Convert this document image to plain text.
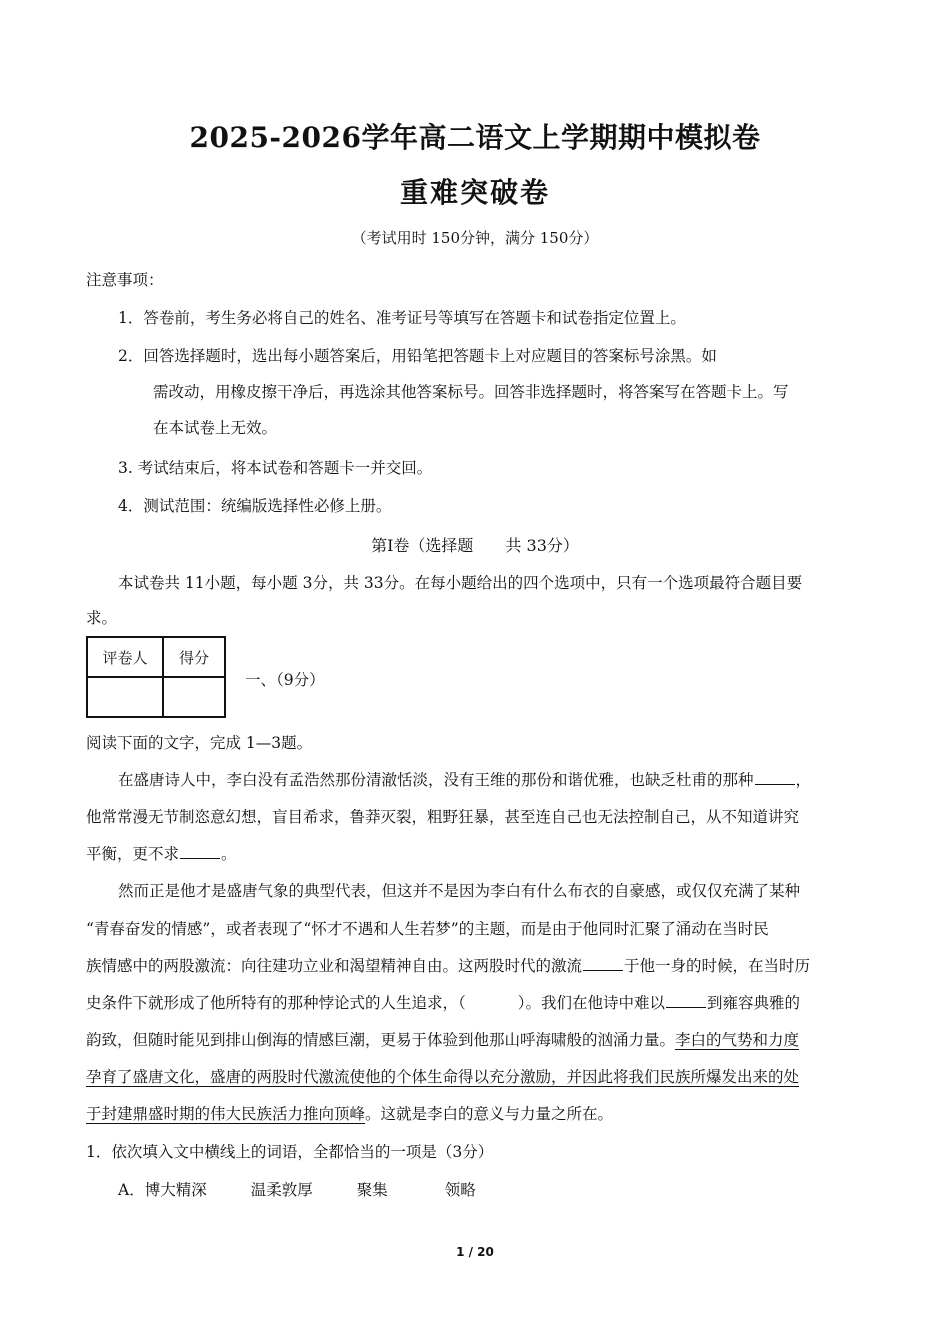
2025-2026学年高二语文上学期期中模拟卷
重难突破卷
（考试用时 150分钟，满分 150分）
注意事项：
1．答卷前，考生务必将自己的姓名、准考证号等填写在答题卡和试卷指定位置上。
2．回答选择题时，选出每小题答案后，用铅笔把答题卡上对应题目的答案标号涂黑。如
需改动，用橡皮擦干净后，再选涂其他答案标号。回答非选择题时，将答案写在答题卡上。写
在本试卷上无效。
3. 考试结束后，将本试卷和答题卡一并交回。
4．测试范围：统编版选择性必修上册。
第Ⅰ卷（选择题　　共 33分）
本试卷共 11小题，每小题 3分，共 33分。在每小题给出的四个选项中，只有一个选项最符合题目要
求。
评卷人	得分

一、（9分）
阅读下面的文字，完成 1—3题。
在盛唐诗人中，李白没有孟浩然那份清澈恬淡，没有王维的那份和谐优雅，也缺乏杜甫的那种	，
他常常漫无节制恣意幻想，盲目希求，鲁莽灭裂，粗野狂暴，甚至连自己也无法控制自己，从不知道讲究
平衡，更不求	。
然而正是他才是盛唐气象的典型代表，但这并不是因为李白有什么布衣的自豪感，或仅仅充满了某种
“青春奋发的情感”，或者表现了“怀才不遇和人生若梦”的主题，而是由于他同时汇聚了涌动在当时民
族情感中的两股激流：向往建功立业和渴望精神自由。这两股时代的激流	于他一身的时候，在当时历
史条件下就形成了他所特有的那种悖论式的人生追求，（	）。我们在他诗中难以	到雍容典雅的
韵致，但随时能见到排山倒海的情感巨潮，更易于体验到他那山呼海啸般的汹涌力量。李白的气势和力度
孕育了盛唐文化，盛唐的两股时代激流使他的个体生命得以充分激励，并因此将我们民族所爆发出来的处
于封建鼎盛时期的伟大民族活力推向顶峰。这就是李白的意义与力量之所在。
1．依次填入文中横线上的词语，全都恰当的一项是（3分）
A．博大精深	温柔敦厚	聚集	领略
1 / 20
